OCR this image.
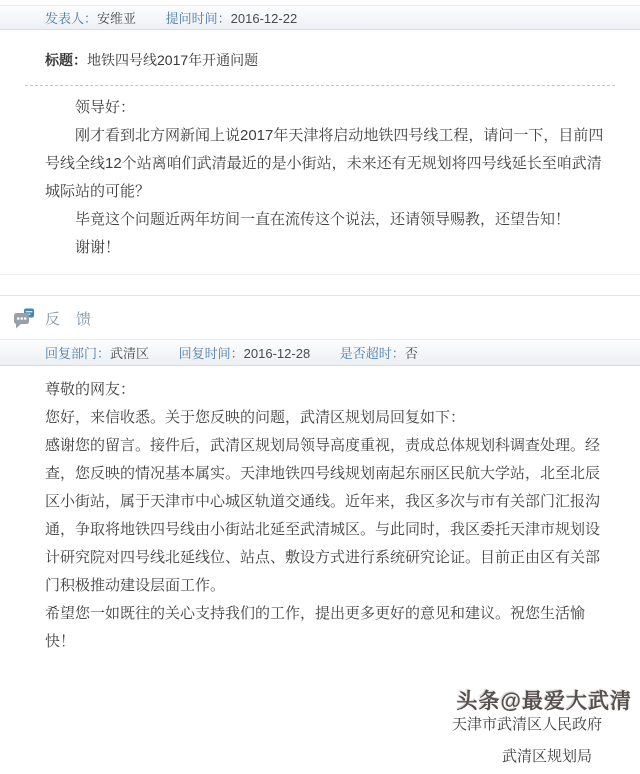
发表人：安维亚 提问时间：2016-12-22
标题：地铁四号线2017年开通问题

领导好：

刚才看到北方网新闻上说2017年天津将启动地铁四号线工程，请问一下，目前四号线全线12个站离咱们武清最近的是小街站，未来还有无规划将四号线延长至咱武清城际站的可能？

毕竟这个问题近两年坊间一直在流传这个说法，还请领导赐教，还望告知！

谢谢！

反 馈
回复部门：武清区 回复时间：2016-12-28 是否超时：否

尊敬的网友：

您好，来信收悉。关于您反映的问题，武清区规划局回复如下：

感谢您的留言。接件后，武清区规划局领导高度重视，责成总体规划科调查处理。经查，您反映的情况基本属实。天津地铁四号线规划南起东丽区民航大学站，北至北辰区小街站，属于天津市中心城区轨道交通线。近年来，我区多次与市有关部门汇报沟通，争取将地铁四号线由小街站北延至武清城区。与此同时，我区委托天津市规划设计研究院对四号线北延线位、站点、敷设方式进行系统研究论证。目前正由区有关部门积极推动建设层面工作。

希望您一如既往的关心支持我们的工作，提出更多更好的意见和建议。祝您生活愉快！

天津市武清区人民政府
武清区规划局
头条@最爱大武清
